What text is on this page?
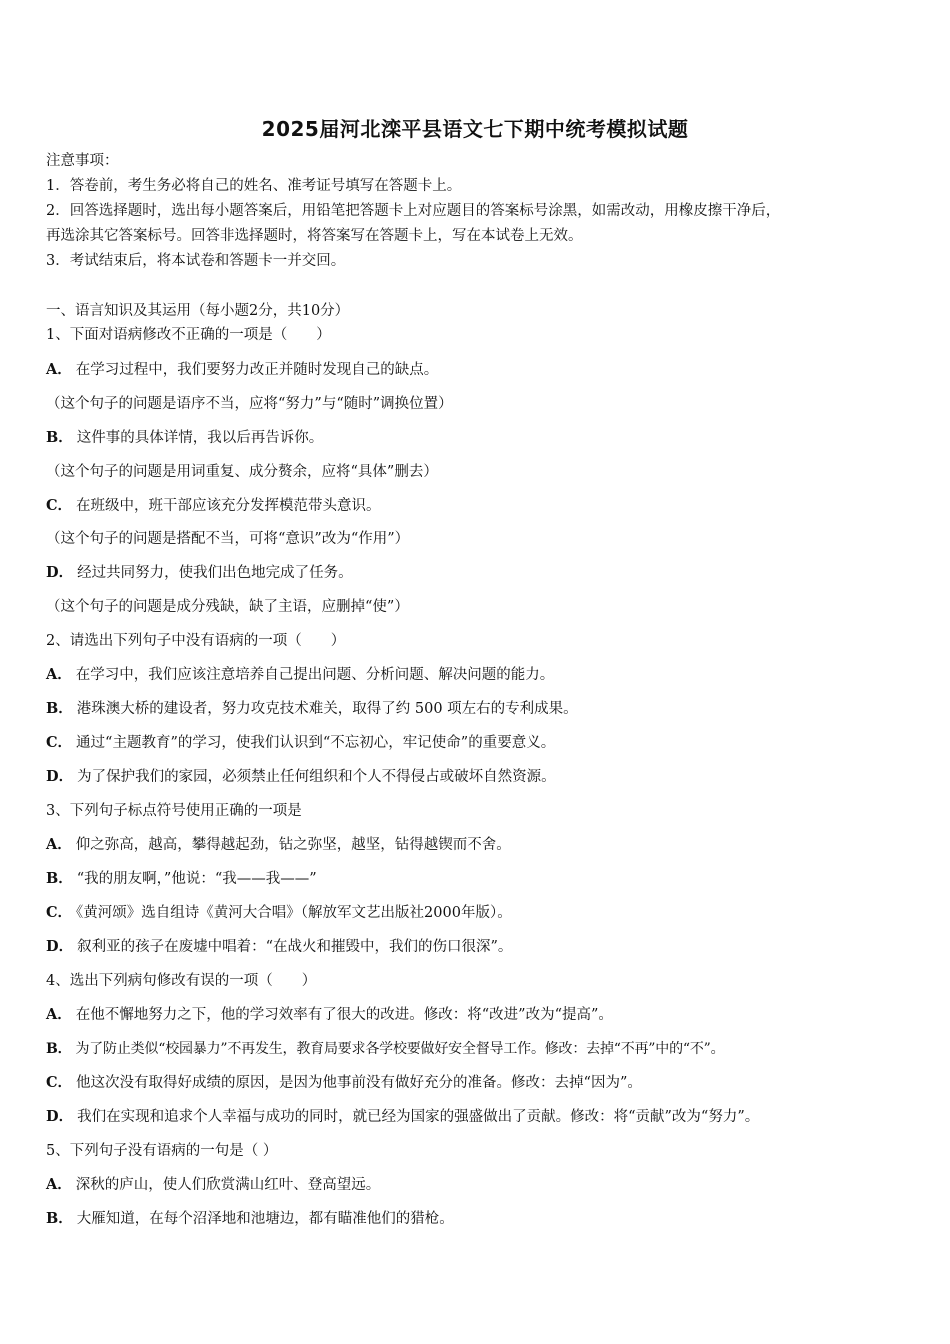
2025届河北滦平县语文七下期中统考模拟试题
注意事项：
1．答卷前，考生务必将自己的姓名、准考证号填写在答题卡上。
2．回答选择题时，选出每小题答案后，用铅笔把答题卡上对应题目的答案标号涂黑，如需改动，用橡皮擦干净后，
再选涂其它答案标号。回答非选择题时，将答案写在答题卡上，写在本试卷上无效。
3．考试结束后，将本试卷和答题卡一并交回。
一、语言知识及其运用（每小题2分，共10分）
1、下面对语病修改不正确的一项是（　　）
A． 在学习过程中，我们要努力改正并随时发现自己的缺点。
（这个句子的问题是语序不当，应将“努力”与“随时”调换位置）
B． 这件事的具体详情，我以后再告诉你。
（这个句子的问题是用词重复、成分赘余，应将“具体”删去）
C． 在班级中，班干部应该充分发挥模范带头意识。
（这个句子的问题是搭配不当，可将“意识”改为“作用”）
D． 经过共同努力，使我们出色地完成了任务。
（这个句子的问题是成分残缺，缺了主语，应删掉“使”）
2、请选出下列句子中没有语病的一项（　　）
A． 在学习中，我们应该注意培养自己提出问题、分析问题、解决问题的能力。
B． 港珠澳大桥的建设者，努力攻克技术难关，取得了约 500 项左右的专利成果。
C． 通过“主题教育”的学习，使我们认识到“不忘初心，牢记使命”的重要意义。
D． 为了保护我们的家园，必须禁止任何组织和个人不得侵占或破坏自然资源。
3、下列句子标点符号使用正确的一项是
A． 仰之弥高，越高，攀得越起劲，钻之弥坚，越坚，钻得越锲而不舍。
B． “我的朋友啊，”他说：“我——我——”
C． 《黄河颂》选自组诗《黄河大合唱》（解放军文艺出版社2000年版）。
D． 叙利亚的孩子在废墟中唱着：“在战火和摧毁中，我们的伤口很深”。
4、选出下列病句修改有误的一项（　　）
A． 在他不懈地努力之下，他的学习效率有了很大的改进。修改：将“改进”改为“提高”。
B． 为了防止类似“校园暴力”不再发生，教育局要求各学校要做好安全督导工作。修改：去掉“不再”中的“不”。
C． 他这次没有取得好成绩的原因，是因为他事前没有做好充分的准备。修改：去掉“因为”。
D． 我们在实现和追求个人幸福与成功的同时，就已经为国家的强盛做出了贡献。修改：将“贡献”改为“努力”。
5、下列句子没有语病的一句是（ ）
A． 深秋的庐山，使人们欣赏满山红叶、登高望远。
B． 大雁知道，在每个沼泽地和池塘边，都有瞄准他们的猎枪。
